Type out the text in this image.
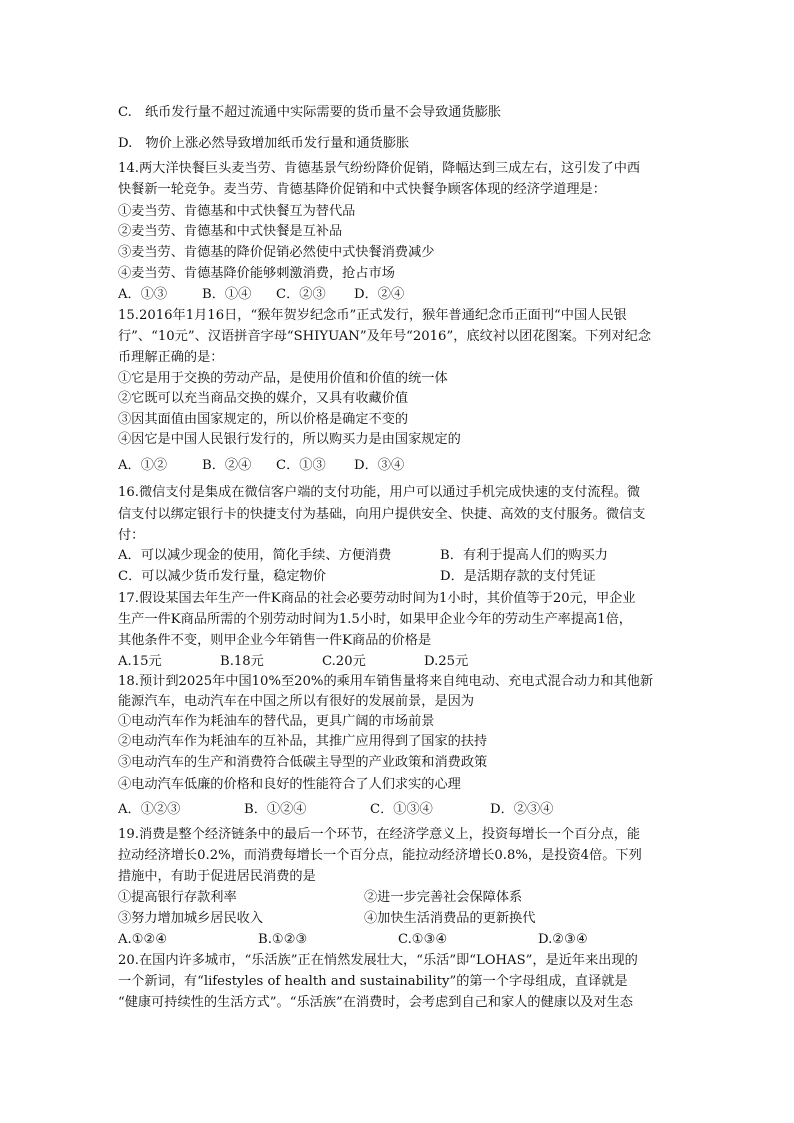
C.　纸币发行量不超过流通中实际需要的货币量不会导致通货膨胀
D.　物价上涨必然导致增加纸币发行量和通货膨胀
14.两大洋快餐巨头麦当劳、肯德基景气纷纷降价促销，降幅达到三成左右，这引发了中西
快餐新一轮竞争。麦当劳、肯德基降价促销和中式快餐争顾客体现的经济学道理是：
①麦当劳、肯德基和中式快餐互为替代品
②麦当劳、肯德基和中式快餐是互补品
③麦当劳、肯德基的降价促销必然使中式快餐消费减少
④麦当劳、肯德基降价能够刺激消费，抢占市场
A．①③	B．①④	C．②③	D．②④
15.2016年1月16日，“猴年贺岁纪念币”正式发行，猴年普通纪念币正面刊“中国人民银
行”、“10元”、汉语拼音字母“SHIYUAN”及年号“2016”，底纹衬以团花图案。下列对纪念
币理解正确的是：
①它是用于交换的劳动产品，是使用价值和价值的统一体
②它既可以充当商品交换的媒介，又具有收藏价值
③因其面值由国家规定的，所以价格是确定不变的
④因它是中国人民银行发行的，所以购买力是由国家规定的
A．①②	B．②④	C．①③	D．③④
16.微信支付是集成在微信客户端的支付功能，用户可以通过手机完成快速的支付流程。微
信支付以绑定银行卡的快捷支付为基础，向用户提供安全、快捷、高效的支付服务。微信支
付：
A．可以减少现金的使用，简化手续、方便消费	B．有利于提高人们的购买力
C．可以减少货币发行量，稳定物价	D．是活期存款的支付凭证
17.假设某国去年生产一件K商品的社会必要劳动时间为1小时，其价值等于20元，甲企业
生产一件K商品所需的个别劳动时间为1.5小时，如果甲企业今年的劳动生产率提高1倍，
其他条件不变，则甲企业今年销售一件K商品的价格是
A.15元	B.18元	C.20元	D.25元
18.预计到2025年中国10%至20%的乘用车销售量将来自纯电动、充电式混合动力和其他新
能源汽车，电动汽车在中国之所以有很好的发展前景，是因为
①电动汽车作为耗油车的替代品，更具广阔的市场前景
②电动汽车作为耗油车的互补品，其推广应用得到了国家的扶持
③电动汽车的生产和消费符合低碳主导型的产业政策和消费政策
④电动汽车低廉的价格和良好的性能符合了人们求实的心理
A．①②③	B．①②④	C．①③④	D．②③④
19.消费是整个经济链条中的最后一个环节，在经济学意义上，投资每增长一个百分点，能
拉动经济增长0.2%，而消费每增长一个百分点，能拉动经济增长0.8%，是投资4倍。下列
措施中，有助于促进居民消费的是
①提高银行存款利率	②进一步完善社会保障体系
③努力增加城乡居民收入	④加快生活消费品的更新换代
A.①②④	B.①②③	C.①③④	D.②③④
20.在国内许多城市，“乐活族”正在悄然发展壮大，“乐活”即“LOHAS”，是近年来出现的
一个新词，有“lifestyles of health and sustainability”的第一个字母组成，直译就是
“健康可持续性的生活方式”。“乐活族”在消费时，会考虑到自己和家人的健康以及对生态
